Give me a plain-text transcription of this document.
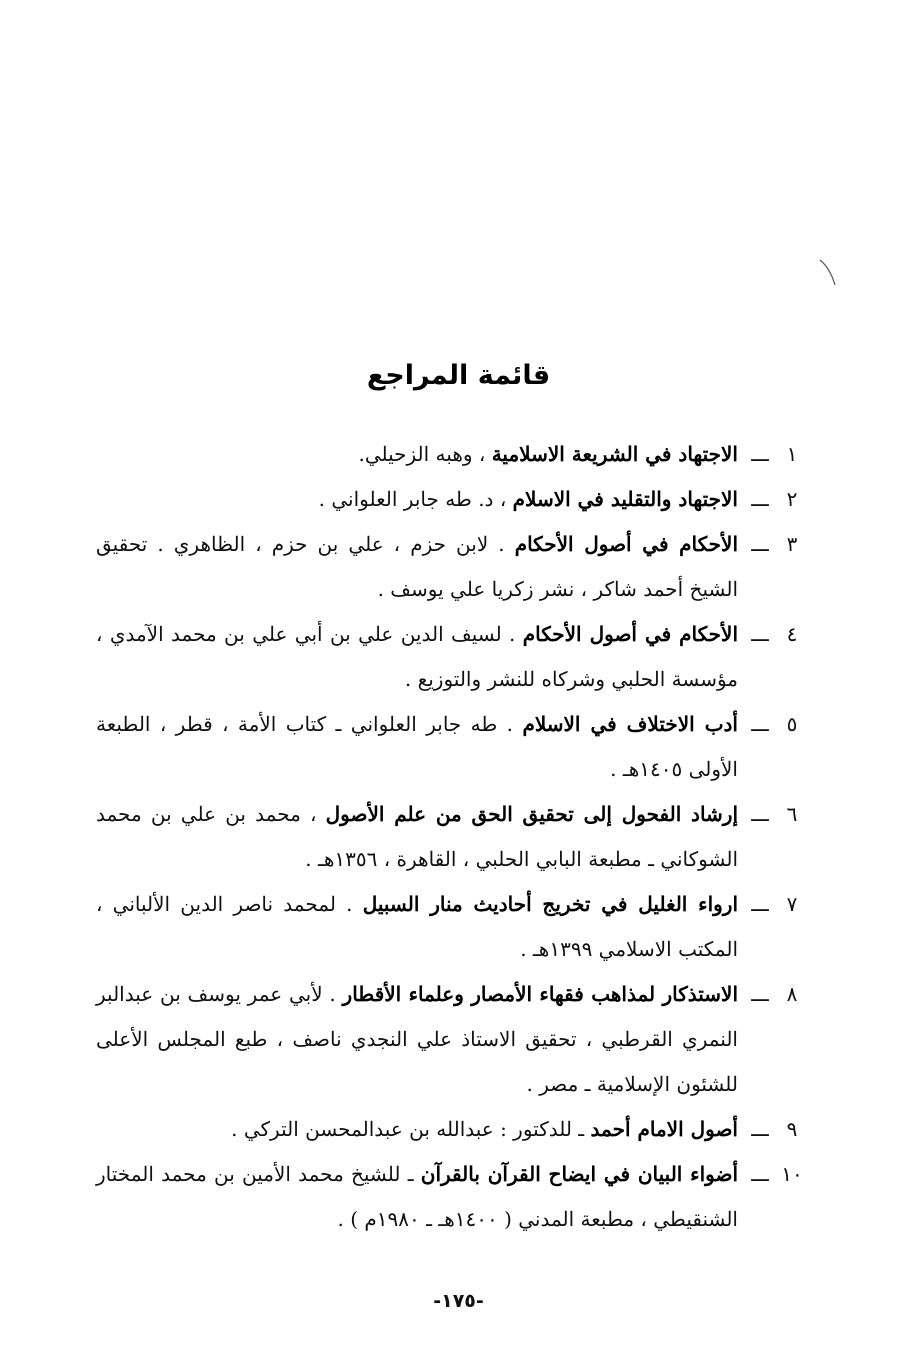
قائمة المراجع
١
ـــ
الاجتهاد في الشريعة الاسلامية ، وهبه الزحيلي.
٢
ـــ
الاجتهاد والتقليد في الاسلام ، د. طه جابر العلواني .
٣
ـــ
الأحكام في أصول الأحكام . لابن حزم ، علي بن حزم ، الظاهري . تحقيق الشيخ أحمد شاكر ، نشر زكريا علي يوسف .
٤
ـــ
الأحكام في أصول الأحكام . لسيف الدين علي بن أبي علي بن محمد الآمدي ، مؤسسة الحلبي وشركاه للنشر والتوزيع .
٥
ـــ
أدب الاختلاف في الاسلام . طه جابر العلواني ـ كتاب الأمة ، قطر ، الطبعة الأولى ١٤٠٥هـ .
٦
ـــ
إرشاد الفحول إلى تحقيق الحق من علم الأصول ، محمد بن علي بن محمد الشوكاني ـ مطبعة البابي الحلبي ، القاهرة ، ١٣٥٦هـ .
٧
ـــ
ارواء الغليل في تخريج أحاديث منار السبيل . لمحمد ناصر الدين الألباني ، المكتب الاسلامي ١٣٩٩هـ .
٨
ـــ
الاستذكار لمذاهب فقهاء الأمصار وعلماء الأقطار . لأبي عمر يوسف بن عبدالبر النمري القرطبي ، تحقيق الاستاذ علي النجدي ناصف ، طبع المجلس الأعلى للشئون الإسلامية ـ مصر .
٩
ـــ
أصول الامام أحمد ـ للدكتور : عبدالله بن عبدالمحسن التركي .
١٠
ـــ
أضواء البيان في ايضاح القرآن بالقرآن ـ للشيخ محمد الأمين بن محمد المختار الشنقيطي ، مطبعة المدني ( ١٤٠٠هـ ـ ١٩٨٠م ) .
-١٧٥-
